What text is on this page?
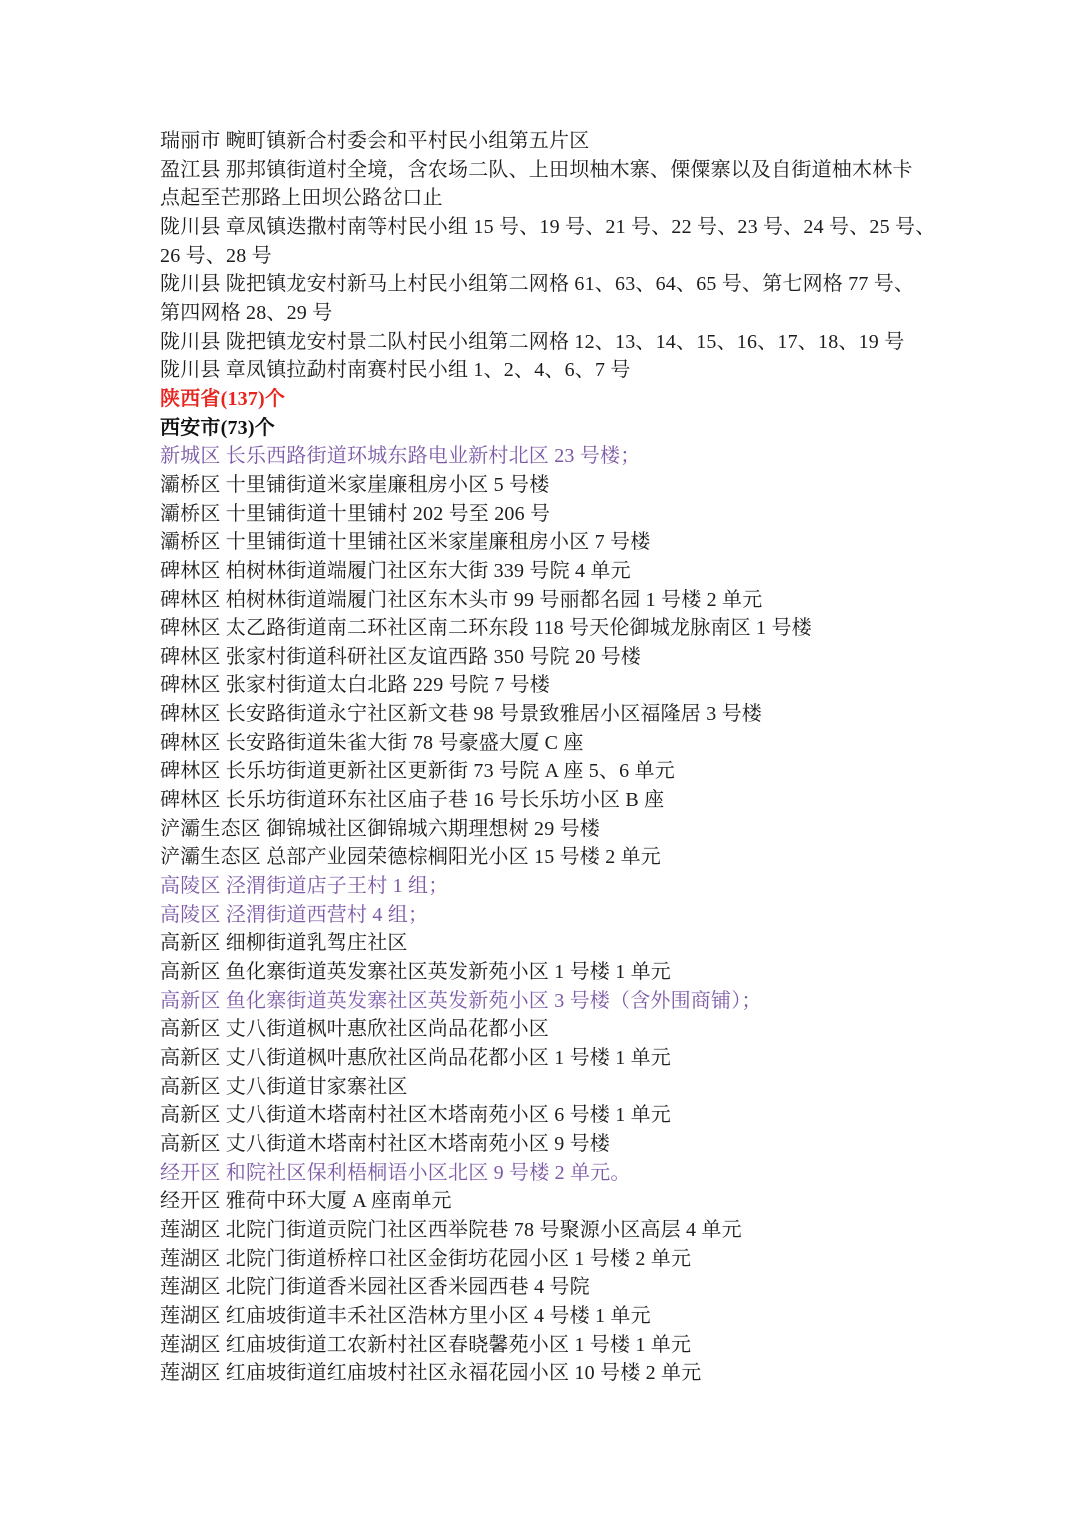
瑞丽市 畹町镇新合村委会和平村民小组第五片区
盈江县 那邦镇街道村全境，含农场二队、上田坝柚木寨、傈僳寨以及自街道柚木林卡
点起至芒那路上田坝公路岔口止
陇川县 章凤镇迭撒村南等村民小组 15 号、19 号、21 号、22 号、23 号、24 号、25 号、
26 号、28 号
陇川县 陇把镇龙安村新马上村民小组第二网格 61、63、64、65 号、第七网格 77 号、
第四网格 28、29 号
陇川县 陇把镇龙安村景二队村民小组第二网格 12、13、14、15、16、17、18、19 号
陇川县 章凤镇拉勐村南赛村民小组 1、2、4、6、7 号
陕西省(137)个
西安市(73)个
新城区 长乐西路街道环城东路电业新村北区 23 号楼；
灞桥区 十里铺街道米家崖廉租房小区 5 号楼
灞桥区 十里铺街道十里铺村 202 号至 206 号
灞桥区 十里铺街道十里铺社区米家崖廉租房小区 7 号楼
碑林区 柏树林街道端履门社区东大街 339 号院 4 单元
碑林区 柏树林街道端履门社区东木头市 99 号丽都名园 1 号楼 2 单元
碑林区 太乙路街道南二环社区南二环东段 118 号天伦御城龙脉南区 1 号楼
碑林区 张家村街道科研社区友谊西路 350 号院 20 号楼
碑林区 张家村街道太白北路 229 号院 7 号楼
碑林区 长安路街道永宁社区新文巷 98 号景致雅居小区福隆居 3 号楼
碑林区 长安路街道朱雀大街 78 号豪盛大厦 C 座
碑林区 长乐坊街道更新社区更新街 73 号院 A 座 5、6 单元
碑林区 长乐坊街道环东社区庙子巷 16 号长乐坊小区 B 座
浐灞生态区 御锦城社区御锦城六期理想树 29 号楼
浐灞生态区 总部产业园荣德棕榈阳光小区 15 号楼 2 单元
高陵区 泾渭街道店子王村 1 组；
高陵区 泾渭街道西营村 4 组；
高新区 细柳街道乳驾庄社区
高新区 鱼化寨街道英发寨社区英发新苑小区 1 号楼 1 单元
高新区 鱼化寨街道英发寨社区英发新苑小区 3 号楼（含外围商铺）；
高新区 丈八街道枫叶惠欣社区尚品花都小区
高新区 丈八街道枫叶惠欣社区尚品花都小区 1 号楼 1 单元
高新区 丈八街道甘家寨社区
高新区 丈八街道木塔南村社区木塔南苑小区 6 号楼 1 单元
高新区 丈八街道木塔南村社区木塔南苑小区 9 号楼
经开区 和院社区保利梧桐语小区北区 9 号楼 2 单元。
经开区 雅荷中环大厦 A 座南单元
莲湖区 北院门街道贡院门社区西举院巷 78 号聚源小区高层 4 单元
莲湖区 北院门街道桥梓口社区金街坊花园小区 1 号楼 2 单元
莲湖区 北院门街道香米园社区香米园西巷 4 号院
莲湖区 红庙坡街道丰禾社区浩林方里小区 4 号楼 1 单元
莲湖区 红庙坡街道工农新村社区春晓馨苑小区 1 号楼 1 单元
莲湖区 红庙坡街道红庙坡村社区永福花园小区 10 号楼 2 单元
